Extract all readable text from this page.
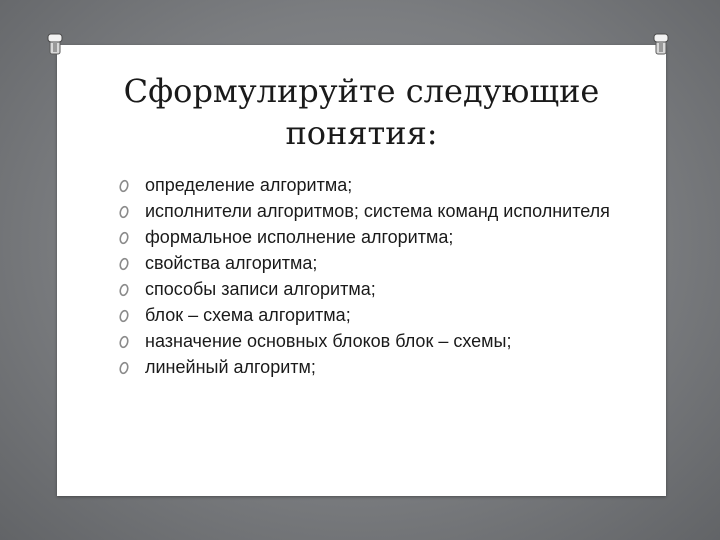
Сформулируйте следующие
понятия:
определение алгоритма;
исполнители алгоритмов; система команд исполнителя
формальное исполнение алгоритма;
свойства алгоритма;
способы записи алгоритма;
блок – схема алгоритма;
назначение основных блоков блок – схемы;
линейный алгоритм;
